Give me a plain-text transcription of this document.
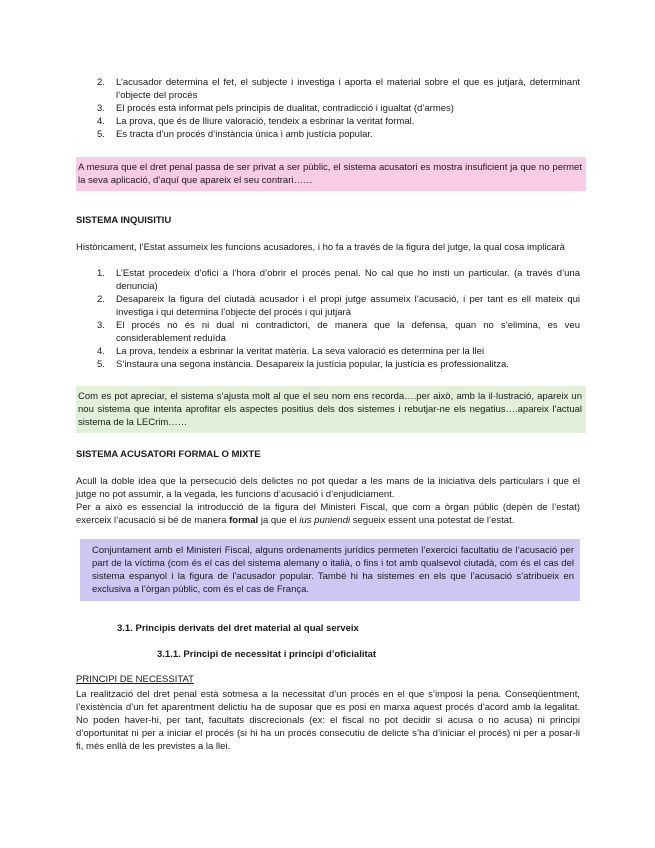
2. L’acusador determina el fet, el subjecte i investiga i aporta el material sobre el que es jutjarà, determinant l’objecte del procés
3. El procés està informat pels principis de dualitat, contradicció i igualtat (d’armes)
4. La prova, que és de lliure valoració, tendeix a esbrinar la veritat formal.
5. Es tracta d’un procés d’instància única i amb justícia popular.
A mesura que el dret penal passa de ser privat a ser públic, el sistema acusatori es mostra insuficient ja que no permet la seva aplicació, d’aquí que apareix el seu contrari……
SISTEMA INQUISITIU
Històricament, l’Estat assumeix les funcions acusadores, i ho fa a través de la figura del jutge, la qual cosa implicarà
1. L’Estat procedeix d’ofici a l’hora d’obrir el procés penal. No cal que ho insti un particular. (a través d’una denuncia)
2. Desapareix la figura del ciutadà acusador i el propi jutge assumeix l’acusació, i per tant es ell mateix qui investiga i qui determina l’objecte del procés i qui jutjarà
3. El procés no és ni dual ni contradictori, de manera que la defensa, quan no s’elimina, es veu considerablement reduïda
4. La prova, tendeix a esbrinar la veritat matèria. La seva valoració es determina per la llei
5. S’instaura una segona instància. Desapareix la justícia popular, la justícia es professionalitza.
Com es pot apreciar, el sistema s’ajusta molt al que el seu nom ens recorda….per això, amb la il·lustració, apareix un nou sistema que intenta aprofitar els aspectes positius dels dos sistemes i rebutjar-ne els negatius….apareix l’actual sistema de la LECrim……
SISTEMA ACUSATORI FORMAL O MIXTE
Acull la doble idea que la persecució dels delictes no pot quedar a les mans de la iniciativa dels particulars i que el jutge no pot assumir, a la vegada, les funcions d’acusació i d’enjudiciament.
Per a això es essencial la introducció de la figura del Ministeri Fiscal, que com a òrgan públic (depèn de l’estat) exerceix l’acusació si bé de manera formal ja que el ius puniendi segueix essent una potestat de l’estat.
Conjuntament amb el Ministeri Fiscal, alguns ordenaments jurídics permeten l’exercici facultatiu de l’acusació per part de la víctima (com és el cas del sistema alemany o italià, o fins i tot amb qualsevol ciutadà, com és el cas del sistema espanyol i la figura de l’acusador popular. També hi ha sistemes en els que l’acusació s’atribueix en exclusiva a l’òrgan públic, com és el cas de França.
3.1. Principis derivats del dret material al qual serveix
3.1.1. Principi de necessitat i principi d’oficialitat
PRINCIPI DE NECESSITAT
La realització del dret penal està sotmesa a la necessitat d’un procés en el que s’imposi la pena. Conseqüentment, l’existència d’un fet aparentment delictiu ha de suposar que es posi en marxa aquest procés d’acord amb la legalitat. No poden haver-hi, per tant, facultats discrecionals (ex: el fiscal no pot decidir si acusa o no acusa) ni principi d’oportunitat ni per a iniciar el procés (si hi ha un procés consecutiu de delicte s’ha d’iniciar el procés) ni per a posar-li fi, més enllà de les previstes a la llei.
